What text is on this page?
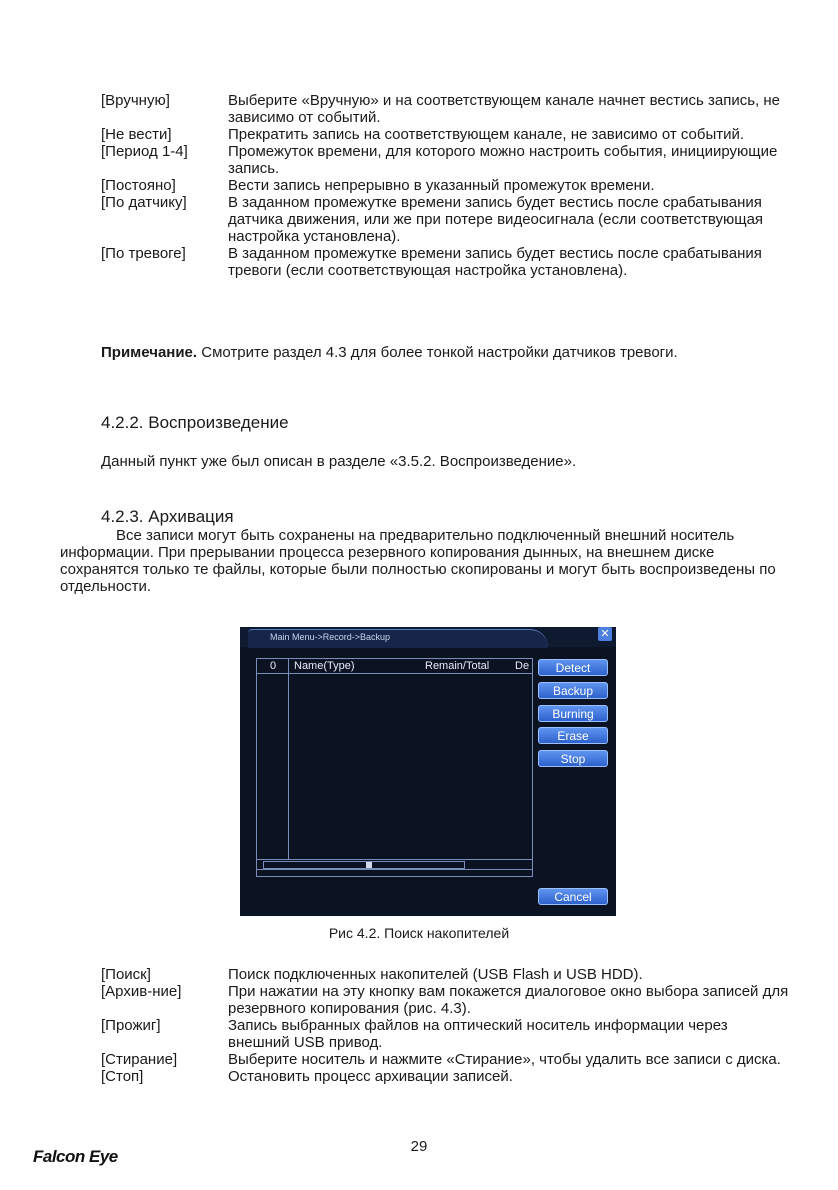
[Вручную]	Выберите «Вручную» и на соответствующем канале начнет вестись запись, не зависимо от событий.
[Не вести]	Прекратить запись на соответствующем канале, не зависимо от событий.
[Период 1-4]	Промежуток времени, для которого можно настроить события, инициирующие запись.
[Постояно]	Вести запись непрерывно в указанный промежуток времени.
[По датчику]	В заданном промежутке времени запись будет вестись после срабатывания датчика движения, или же при потере видеосигнала (если соответствующая настройка установлена).
[По тревоге]	В заданном промежутке времени запись будет вестись после срабатывания тревоги (если соответствующая настройка установлена).
Примечание. Смотрите раздел 4.3 для более тонкой настройки датчиков тревоги.
4.2.2. Воспроизведение
Данный пункт уже был описан в разделе «3.5.2. Воспроизведение».
4.2.3. Архивация
Все записи могут быть сохранены на предварительно подключенный внешний носитель информации. При прерывании процесса резервного копирования дынных, на внешнем диске сохранятся только те файлы, которые были полностью скопированы и могут быть воспроизведены по отдельности.
Main Menu->Record->Backup	✕
0	Name(Type)	Remain/Total De	Detect
Backup
Burning
Erase
Stop
Cancel
Рис 4.2. Поиск накопителей
[Поиск]	Поиск подключенных накопителей (USB Flash и USB HDD).
[Архив-ние]	При нажатии на эту кнопку вам покажется диалоговое окно выбора записей для резервного копирования (рис. 4.3).
[Прожиг]	Запись выбранных файлов на оптический носитель информации через внешний USB привод.
[Стирание]	Выберите носитель и нажмите «Стирание», чтобы удалить все записи с диска.
[Стоп]	Остановить процесс архивации записей.
29
Falcon Eye
